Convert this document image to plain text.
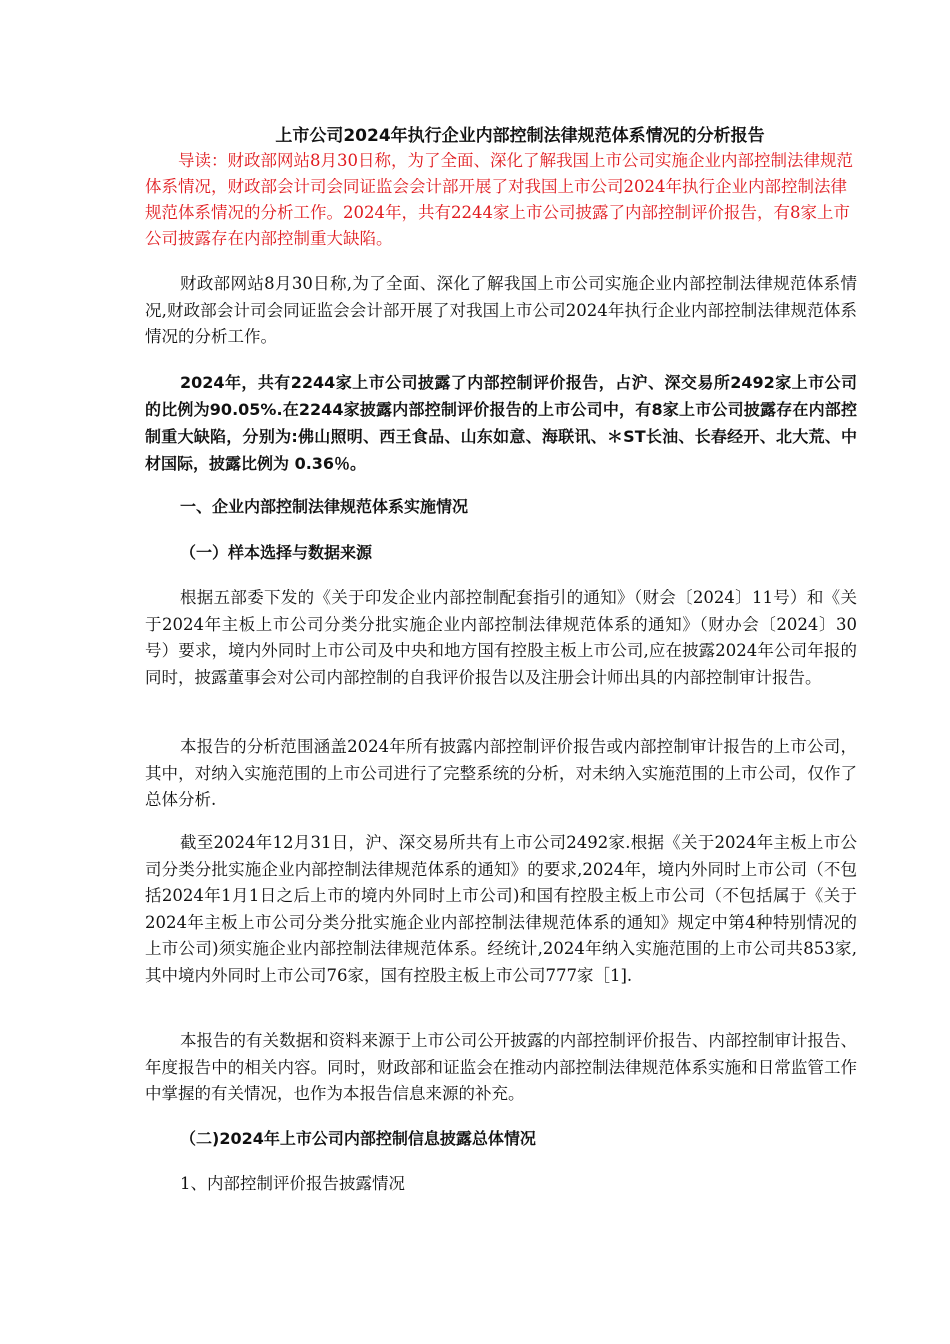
上市公司2024年执行企业内部控制法律规范体系情况的分析报告
导读：财政部网站8月30日称，为了全面、深化了解我国上市公司实施企业内部控制法律规范体系情况，财政部会计司会同证监会会计部开展了对我国上市公司2024年执行企业内部控制法律规范体系情况的分析工作。2024年，共有2244家上市公司披露了内部控制评价报告，有8家上市公司披露存在内部控制重大缺陷。
财政部网站8月30日称,为了全面、深化了解我国上市公司实施企业内部控制法律规范体系情况,财政部会计司会同证监会会计部开展了对我国上市公司2024年执行企业内部控制法律规范体系情况的分析工作。
2024年，共有2244家上市公司披露了内部控制评价报告，占沪、深交易所2492家上市公司的比例为90.05%.在2244家披露内部控制评价报告的上市公司中，有8家上市公司披露存在内部控制重大缺陷，分别为:佛山照明、西王食品、山东如意、海联讯、＊ST长油、长春经开、北大荒、中材国际，披露比例为 0.36％。
一、企业内部控制法律规范体系实施情况
（一）样本选择与数据来源
根据五部委下发的《关于印发企业内部控制配套指引的通知》（财会〔2024〕11号）和《关于2024年主板上市公司分类分批实施企业内部控制法律规范体系的通知》（财办会〔2024〕30号）要求，境内外同时上市公司及中央和地方国有控股主板上市公司,应在披露2024年公司年报的同时，披露董事会对公司内部控制的自我评价报告以及注册会计师出具的内部控制审计报告。
本报告的分析范围涵盖2024年所有披露内部控制评价报告或内部控制审计报告的上市公司，其中，对纳入实施范围的上市公司进行了完整系统的分析，对未纳入实施范围的上市公司，仅作了总体分析.
截至2024年12月31日，沪、深交易所共有上市公司2492家.根据《关于2024年主板上市公司分类分批实施企业内部控制法律规范体系的通知》的要求,2024年，境内外同时上市公司（不包括2024年1月1日之后上市的境内外同时上市公司)和国有控股主板上市公司（不包括属于《关于2024年主板上市公司分类分批实施企业内部控制法律规范体系的通知》规定中第4种特别情况的上市公司)须实施企业内部控制法律规范体系。经统计,2024年纳入实施范围的上市公司共853家,其中境内外同时上市公司76家，国有控股主板上市公司777家［1].
本报告的有关数据和资料来源于上市公司公开披露的内部控制评价报告、内部控制审计报告、年度报告中的相关内容。同时，财政部和证监会在推动内部控制法律规范体系实施和日常监管工作中掌握的有关情况，也作为本报告信息来源的补充。
（二)2024年上市公司内部控制信息披露总体情况
1、内部控制评价报告披露情况
